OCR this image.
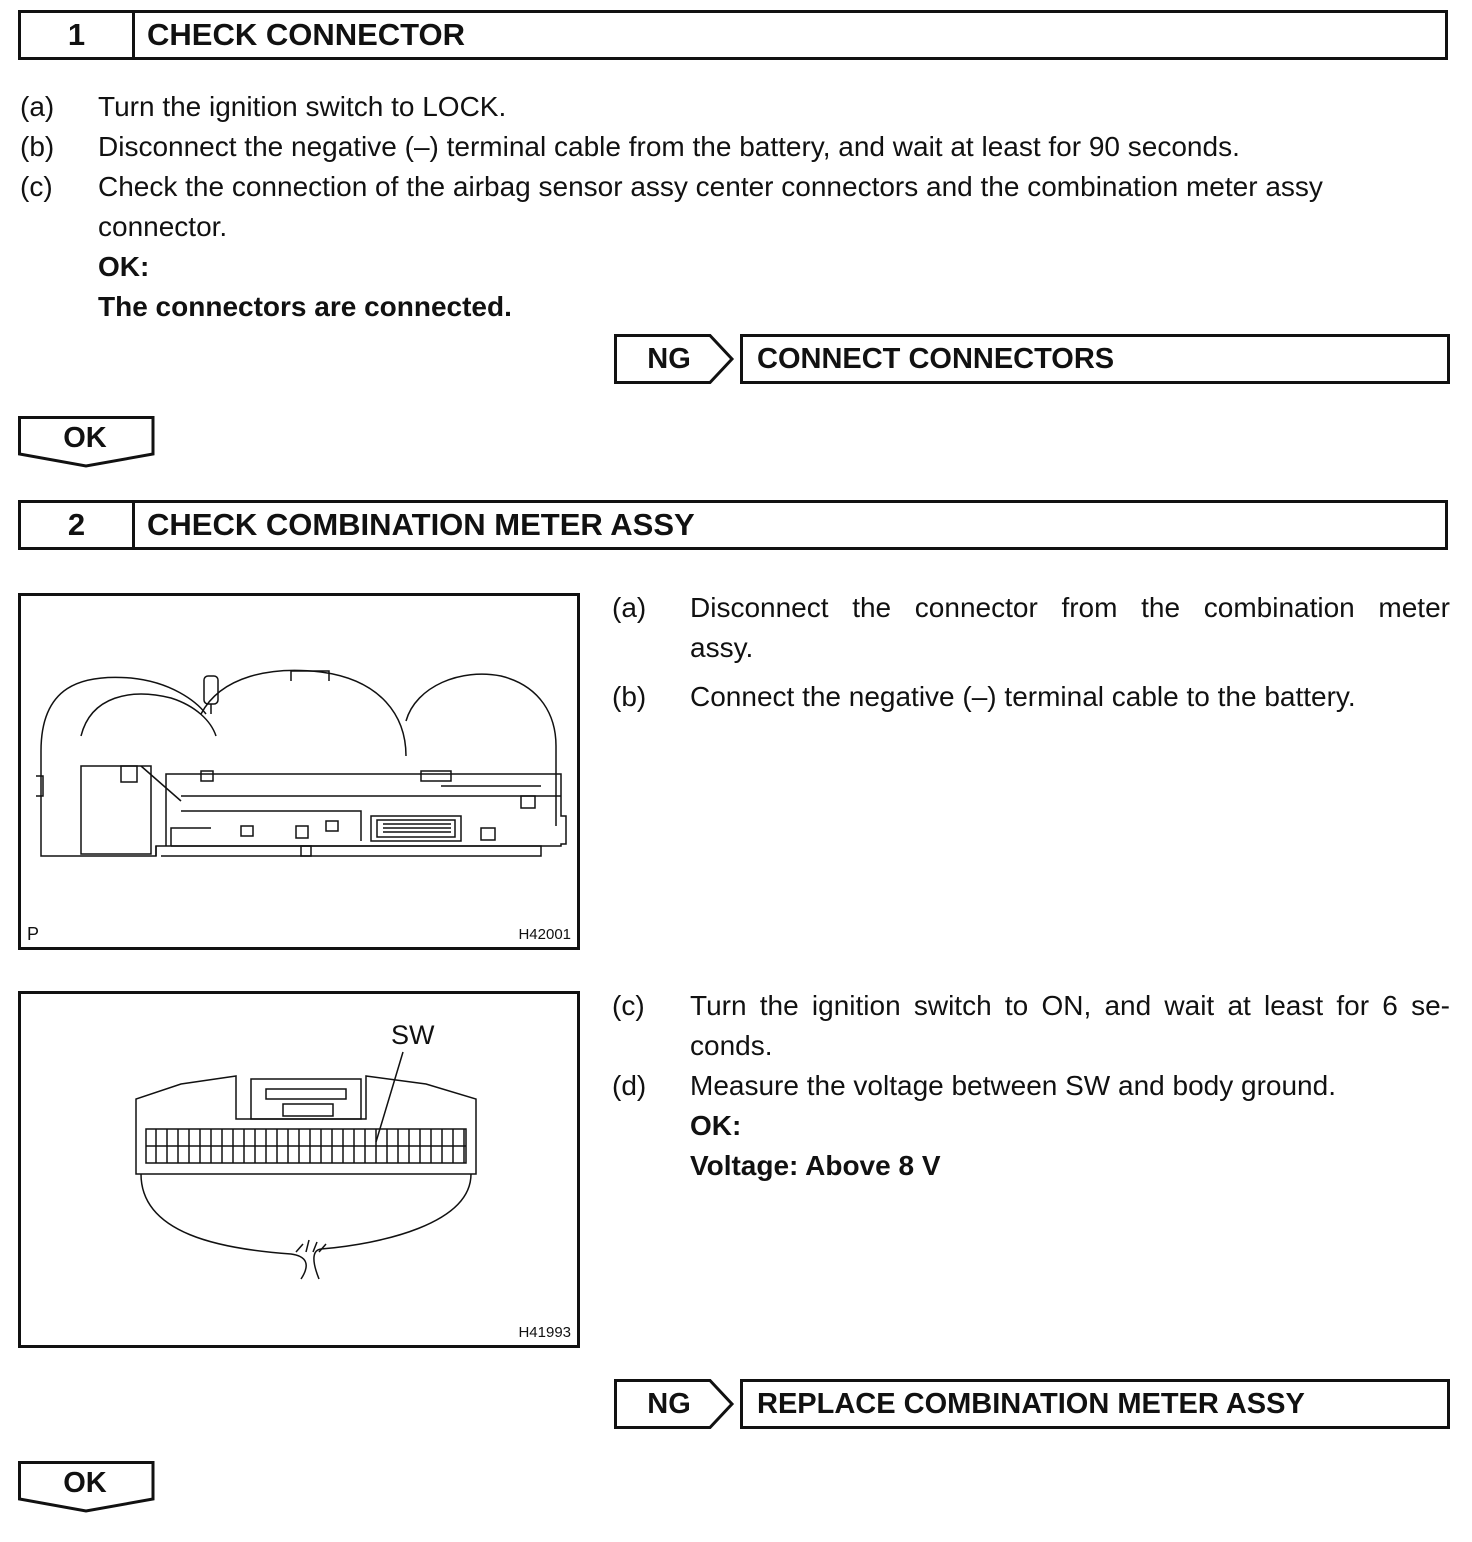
1	CHECK CONNECTOR
(a) Turn the ignition switch to LOCK.
(b) Disconnect the negative (–) terminal cable from the battery, and wait at least for 90 seconds.
(c) Check the connection of the airbag sensor assy center connectors and the combination meter assy
connector.
OK:
The connectors are connected.
NG	CONNECT CONNECTORS
OK
2	CHECK COMBINATION METER ASSY
P	H42001
(a) Disconnect the connector from the combination meter
assy.
(b) Connect the negative (–) terminal cable to the battery.
SW
H41993
(c) Turn the ignition switch to ON, and wait at least for 6 se-
conds.
(d) Measure the voltage between SW and body ground.
OK:
Voltage: Above 8 V
NG	REPLACE COMBINATION METER ASSY
OK
